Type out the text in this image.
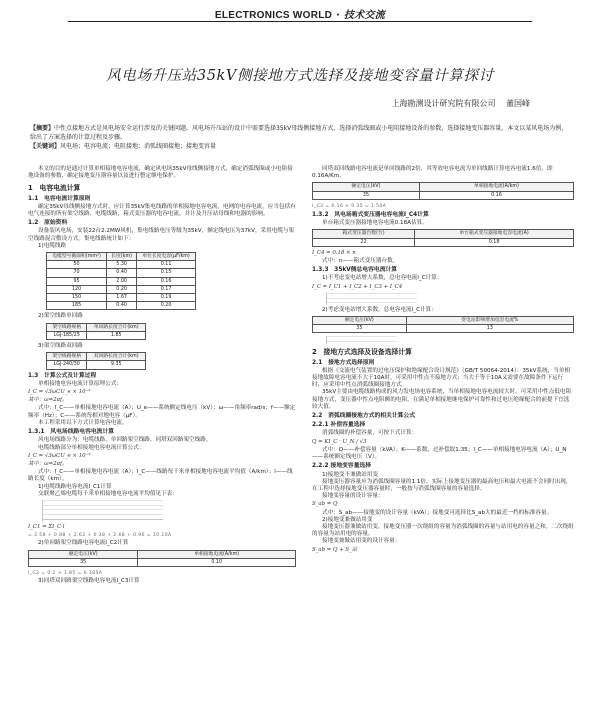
ELECTRONICS WORLD · 技术交流
风电场升压站35kV侧接地方式选择及接地变容量计算探讨
上海勘测设计研究院有限公司　 董国峰

【摘要】中性点接地方式是风电场安全运行涉及的关键问题。风电场升压站的设计中需要选择35kV母线侧接地方式、选择消弧线圈或小电阻接地设备的参数，选择接地变压器容量。本文以某风电场为例，给出了方案选择的计算过程及步骤。

【关键词】风电场；电容电流；电阻接地；消弧线圈接地；接地变容量

本文的目的是通过计算单相接地电容电流，确定风电场35kV母线侧接地方式，确定消弧线圈或小电阻接地设备的参数，确定接地变压器容量以及进行整定继电保护。

1　电容电流计算

1.1　电容电流计算原则

确定35kV母线侧接地方式时，应计算35kV集电线路的单相接地电容电流，电网的电容电流，应当包括有电气连接的所有架空线路、电缆线路，箱式变压器的电容电流，并计及升压站母线和电器的影响。

1.2　原始资料

设备装风电场，安装22台2.2MW风机，集电线路电压等级为35kV，额定线电压为37kV，采用电缆与架空线路混合敷设方式。集电线路统计如下：

1)电缆线路

电缆型号截面积(mm²)	长度(km)	单位长度电容(μF/km)
50	5.30	0.11
70	0.40	0.15
95	2.00	0.16
120	0.20	0.17
150	1.67	0.19
185	0.40	0.20

2)架空线路单回路

架空线路规格	单回路长度合计(km)
LGJ-185/25	1.85

3)架空线路双回路

架空线路规格	双回路长度合计(km)
LGJ-240/30	9.35

1.3　计算公式及计算过程

单相接地电容电流计算原理公式：

I_C = √3ωCU_e × 10⁻³

其中：ω=2πf。

式中：I_C——单相接地电容电流（A）；U_e——系统额定线电压（kV）；ω——角频率rad/s；f——额定频率（Hz）；C——系统每相对地电容（μF）。

本工程采用以下方式计算电容电流。

1.3.1　风电场线路电容电流计算

风电场线路分为：电缆线路、单回路架空线路、同塔双回路架空线路。

电缆线路部分单相接地电容电流计算公式：

I_C = √3ωCU_e × 10⁻³

其中：ω=2πf。

式中：I_C——单相接地电容电流（A）；I_C——线路每千米单相接地电容电流平均值（A/km）；l——线路长度（km）。

1)电缆线路电容电流I_C1计算

交联聚乙烯电缆每千米单相接地电容电流平均值见下表：

I_C1 = ΣI_C·l

= 2.58 + 0.88 + 2.62 + 0.38 + 2.68 + 0.96 = 10.10A

2)单回路架空线路电容电流I_C2计算

额定电压(kV)	单相接地电流(A/km)
35	0.10

I_C2 = 0.1 × 1.85 = 0.185A

3)同塔双回路架空线路电容电流I_C3计算

同塔双回线路电容电流是单回线路的2倍，其等效电容电流为单回线路计算电容电流1.6倍，即0.16A/Km。

额定电压(kV)	单相接地电流(A/km)
35	0.16

I_C3 = 0.16 × 9.35 = 1.50A

1.3.2　风电场箱式变压器电容电流I_C4计算

单台箱式变压器接地电容电流0.18A估算。

箱式变压器台数(台)	单台箱式变压器接地电容电流(A)
22	0.18

I_C4 = 0.18 × n

式中：n——箱式变压器台数。

1.3.3　35kV侧总电容电流计算

1)不考虑变电站增大系数，总电容电流I_C计算：

I_C = I_C1 + I_C2 + I_C3 + I_C4

2)考虑变电站增大系数，总电容电流I_C计算：

额定电压(kV)	变电站影响增加电容电流%
35	13

2　接地方式选择及设备选择计算

2.1　接地方式选择原则

根据《交流电气装置的过电压保护和绝缘配合设计规范》（GB/T 50064-2014）：35kV系统，当单相接地故障电容电流不大于10A时，可采用中性点不接地方式；当大于等于10A又需要在故障条件下运行时，应采用中性点消弧线圈接地方式。

35kV主要由电缆线路构成的风力发电场电容系统，当单相接地电容电流较大时，可采用中性点低电阻接地方式，变压器中性点电阻额的电阻，在满足单相接地继电保护可靠性和过电压绝缘配合的前提下宜选较大值。

2.2　消弧线圈接地方式的相关计算公式

2.2.1 补偿容量选择

消弧线圈的补偿容量，可按下式计算：

Q = KI_C · U_N / √3

式中：Q——补偿容量（kVA）；K——系数，过补偿取1.35；I_C——单相接地电容电流（A）；U_N——系统额定线电压（V）。

2.2.2 接地变容量选择

1)接地变不兼做站用变

接地变压器容量应为消弧线圈容量的1.1倍，实际上接地变压器的最高电压和最大电流不会同时出现，在工程中选择接地变压器容量时，一般按与消弧线圈容量的容量选择。

接地变容量的设计容量：

S_ab = Q

式中：S_ab——接地变的设计容量（kVA）；接地变可选择比S_ab大的最近一档的标准容量。

2)接地变兼做站用变

接地变压器兼做站用变，接地变压器一次绕组的容量为消弧线圈的容量与站用电的容量之和，二次绕组的容量为站用电的容量。

接地变兼做站用变的设计容量：

S_ab = Q + S_站
